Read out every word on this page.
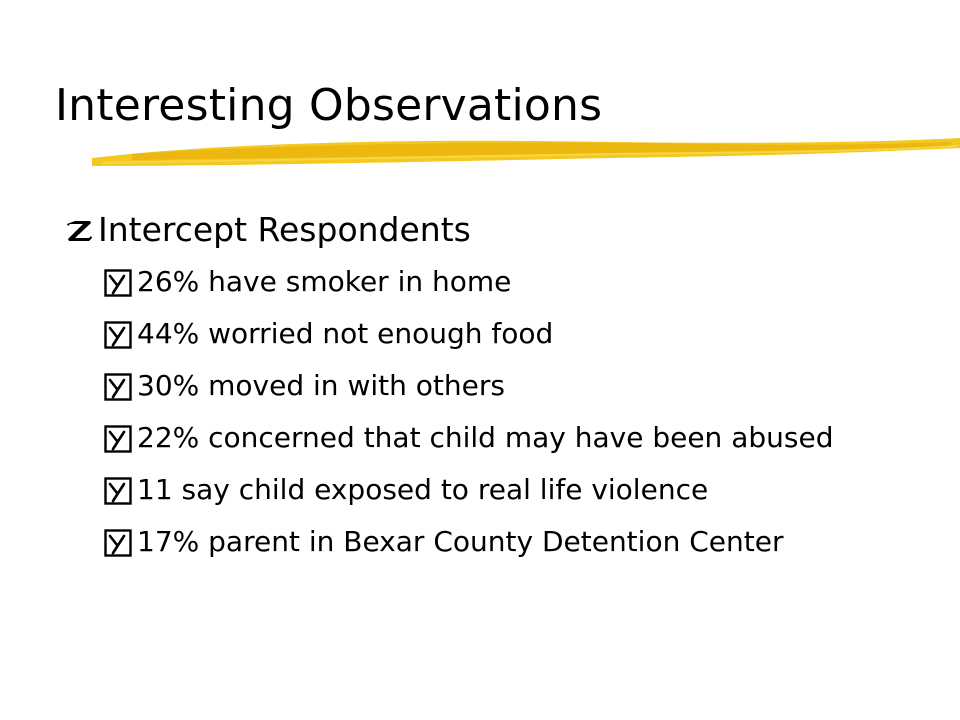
Interesting Observations
Intercept Respondents
26% have smoker in home
44% worried not enough food
30% moved in with others
22% concerned that child may have been abused
11 say child exposed to real life violence
17% parent in Bexar County Detention Center
